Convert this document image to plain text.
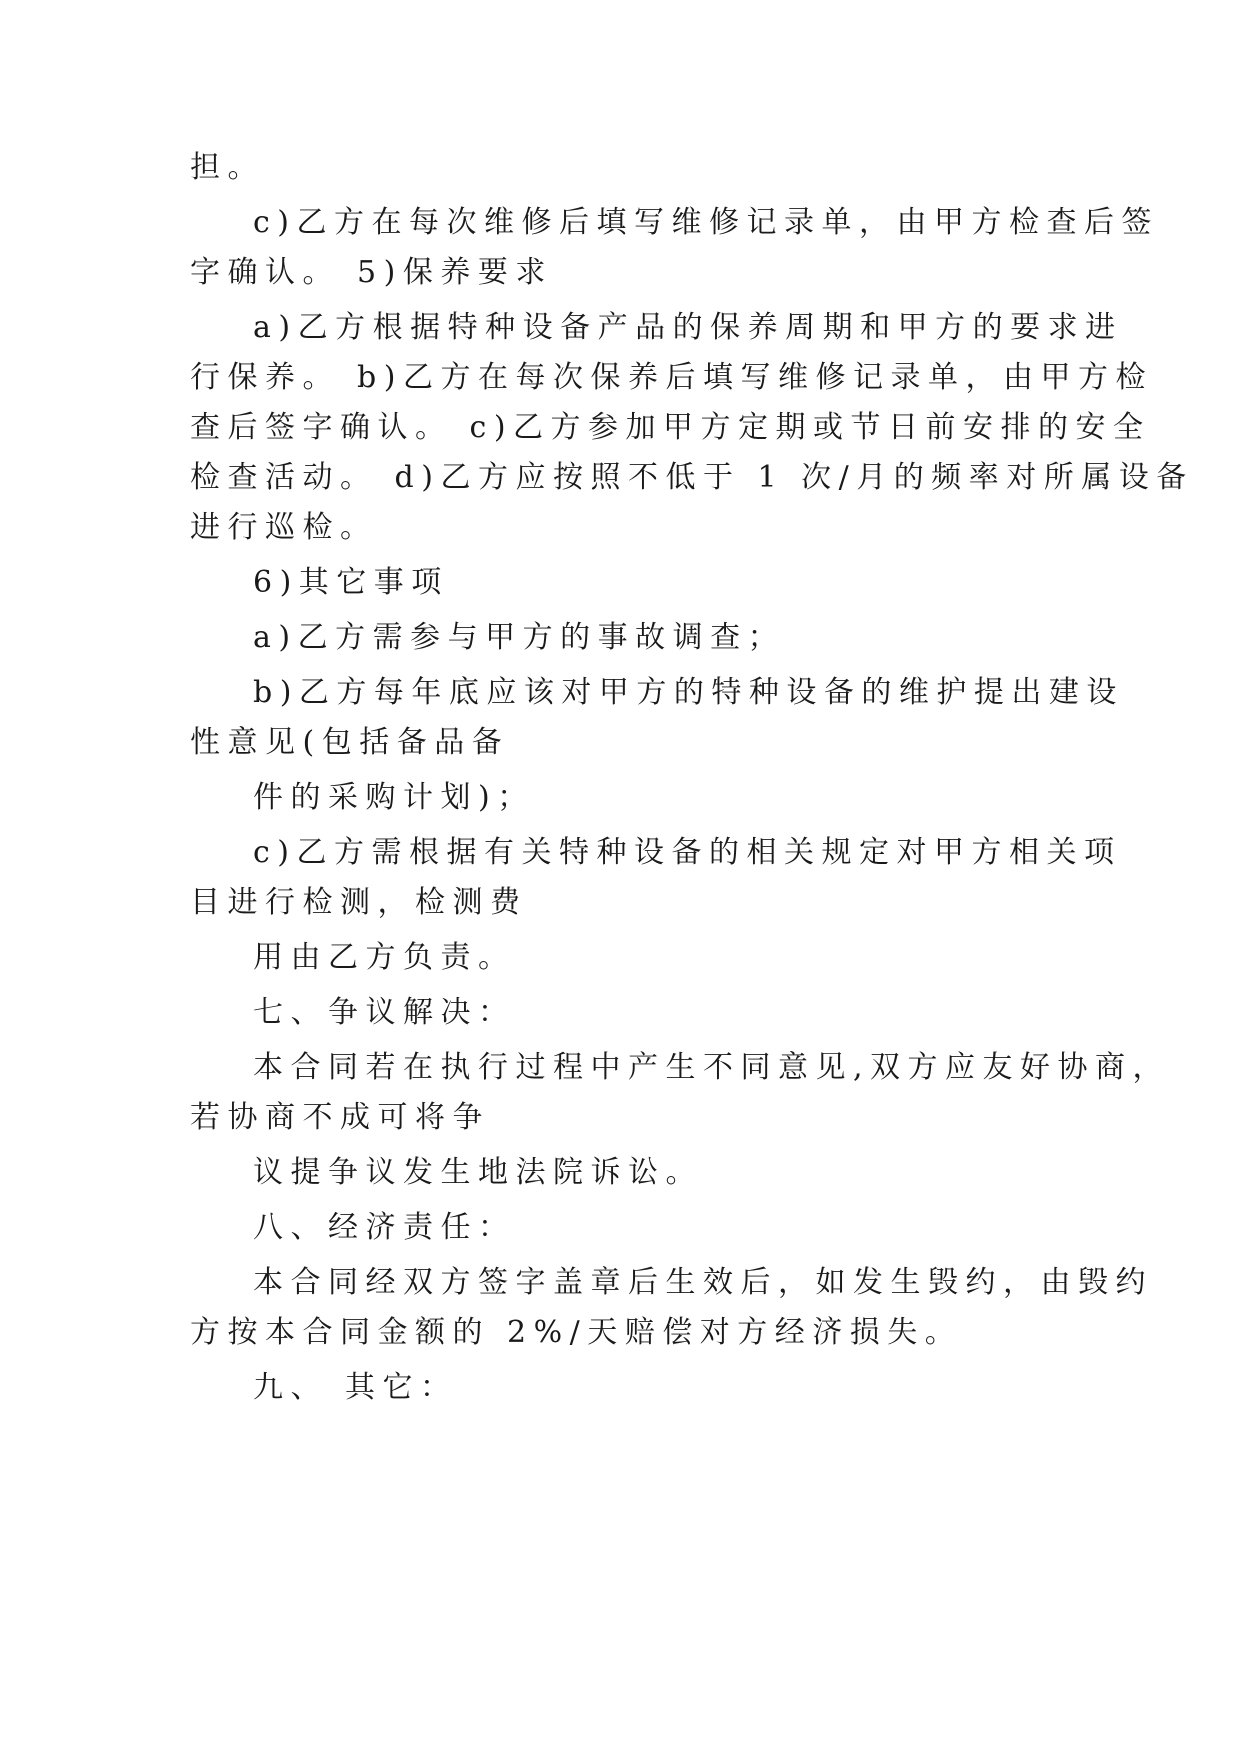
担。
c)乙方在每次维修后填写维修记录单，由甲方检查后签
字确认。 5)保养要求
a)乙方根据特种设备产品的保养周期和甲方的要求进
行保养。 b)乙方在每次保养后填写维修记录单，由甲方检
查后签字确认。 c)乙方参加甲方定期或节日前安排的安全
检查活动。 d)乙方应按照不低于 1 次/月的频率对所属设备
进行巡检。
6)其它事项
a)乙方需参与甲方的事故调查；
b)乙方每年底应该对甲方的特种设备的维护提出建设
性意见(包括备品备
件的采购计划)；
c)乙方需根据有关特种设备的相关规定对甲方相关项
目进行检测，检测费
用由乙方负责。
七、争议解决：
本合同若在执行过程中产生不同意见,双方应友好协商，
若协商不成可将争
议提争议发生地法院诉讼。
八、经济责任：
本合同经双方签字盖章后生效后，如发生毁约，由毁约
方按本合同金额的 2%/天赔偿对方经济损失。
九、 其它：
